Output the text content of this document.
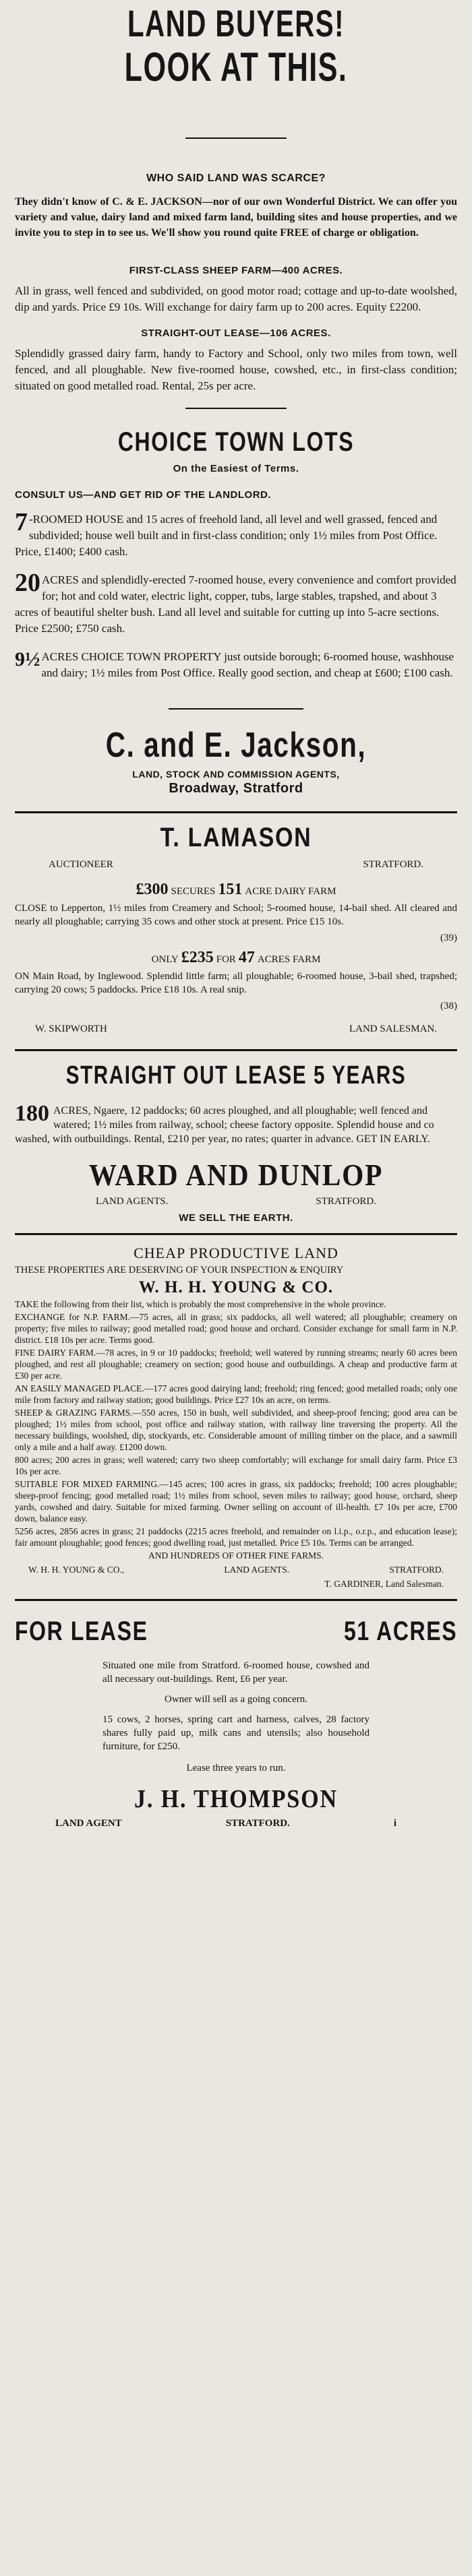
LAND BUYERS!
LOOK AT THIS.
WHO SAID LAND WAS SCARCE?

They didn't know of C. & E. JACKSON—nor of our own Wonderful District. We can offer you variety and value, dairy land and mixed farm land, building sites and house properties, and we invite you to step in to see us. We'll show you round quite FREE of charge or obligation.

FIRST-CLASS SHEEP FARM—400 ACRES.

All in grass, well fenced and subdivided, on good motor road; cottage and up-to-date woolshed, dip and yards. Price £9 10s. Will exchange for dairy farm up to 200 acres. Equity £2200.

STRAIGHT-OUT LEASE—106 ACRES.

Splendidly grassed dairy farm, handy to Factory and School, only two miles from town, well fenced, and all ploughable. New five-roomed house, cowshed, etc., in first-class condition; situated on good metalled road. Rental, 25s per acre.

CHOICE TOWN LOTS
On the Easiest of Terms.
CONSULT US—AND GET RID OF THE LANDLORD.
7 -ROOMED HOUSE and 15 acres of freehold land, all level and well grassed, fenced and subdivided; house well built and in first-class condition; only 1½ miles from Post Office. Price, £1400; £400 cash.
20 ACRES and splendidly-erected 7-roomed house, every convenience and comfort provided for; hot and cold water, electric light, copper, tubs, large stables, trapshed, and about 3 acres of beautiful shelter bush. Land all level and suitable for cutting up into 5-acre sections. Price £2500; £750 cash.
9½ ACRES CHOICE TOWN PROPERTY just outside borough; 6-roomed house, washhouse and dairy; 1½ miles from Post Office. Really good section, and cheap at £600; £100 cash.
C. and E. Jackson,
LAND, STOCK AND COMMISSION AGENTS,
Broadway, Stratford
T. LAMASON
AUCTIONEER	STRATFORD.
£300 SECURES 151 ACRE DAIRY FARM

CLOSE to Lepperton, 1½ miles from Creamery and School; 5-roomed house, 14-bail shed. All cleared and nearly all ploughable; carrying 35 cows and other stock at present. Price £15 10s.

(39)
ONLY £235 FOR 47 ACRES FARM

ON Main Road, by Inglewood. Splendid little farm; all ploughable; 6-roomed house, 3-bail shed, trapshed; carrying 20 cows; 5 paddocks. Price £18 10s. A real snip.

(38)
W. SKIPWORTH	LAND SALESMAN.
STRAIGHT OUT LEASE 5 YEARS
180 ACRES, Ngaere, 12 paddocks; 60 acres ploughed, and all ploughable; well fenced and watered; 1½ miles from railway, school; cheese factory opposite. Splendid house and co washed, with outbuildings. Rental, £210 per year, no rates; quarter in advance. GET IN EARLY.
WARD AND DUNLOP
LAND AGENTS.	STRATFORD.
WE SELL THE EARTH.
CHEAP PRODUCTIVE LAND
THESE PROPERTIES ARE DESERVING OF YOUR INSPECTION & ENQUIRY
W. H. H. YOUNG & CO.

TAKE the following from their list, which is probably the most comprehensive in the whole province.

EXCHANGE for N.P. FARM.—75 acres, all in grass; six paddocks, all well watered; all ploughable; creamery on property; five miles to railway; good metalled road; good house and orchard. Consider exchange for small farm in N.P. district. £18 10s per acre. Terms good.

FINE DAIRY FARM.—78 acres, in 9 or 10 paddocks; freehold; well watered by running streams; nearly 60 acres been ploughed, and rest all ploughable; creamery on section; good house and outbuildings. A cheap and productive farm at £30 per acre.

AN EASILY MANAGED PLACE.—177 acres good dairying land; freehold; ring fenced; good metalled roads; only one mile from factory and railway station; good buildings. Price £27 10s an acre, on terms.

SHEEP & GRAZING FARMS.—550 acres, 150 in bush, well subdivided, and sheep-proof fencing; good area can be ploughed; 1½ miles from school, post office and railway station, with railway line traversing the property. All the necessary buildings, woolshed, dip, stockyards, etc. Considerable amount of milling timber on the place, and a sawmill only a mile and a half away. £1200 down.

800 acres; 200 acres in grass; well watered; carry two sheep comfortably; will exchange for small dairy farm. Price £3 10s per acre.

SUITABLE FOR MIXED FARMING.—145 acres; 100 acres in grass, six paddocks; freehold; 100 acres ploughable; sheep-proof fencing; good metalled road; 1½ miles from school, seven miles to railway; good house, orchard, sheep yards, cowshed and dairy. Suitable for mixed farming. Owner selling on account of ill-health. £7 10s per acre, £700 down, balance easy.

5256 acres, 2856 acres in grass; 21 paddocks (2215 acres freehold, and remainder on l.i.p., o.r.p., and education lease); fair amount ploughable; good fences; good dwelling road, just metalled. Price £5 10s. Terms can be arranged.

AND HUNDREDS OF OTHER FINE FARMS.
W. H. H. YOUNG & CO.,	LAND AGENTS.	STRATFORD.
T. GARDINER, Land Salesman.
FOR LEASE	51 ACRES

Situated one mile from Stratford. 6-roomed house, cowshed and all necessary out-buildings. Rent, £6 per year.

Owner will sell as a going concern.

15 cows, 2 horses, spring cart and harness, calves, 28 factory shares fully paid up, milk cans and utensils; also household furniture, for £250.

Lease three years to run.

J. H. THOMPSON
LAND AGENT	STRATFORD.	i
